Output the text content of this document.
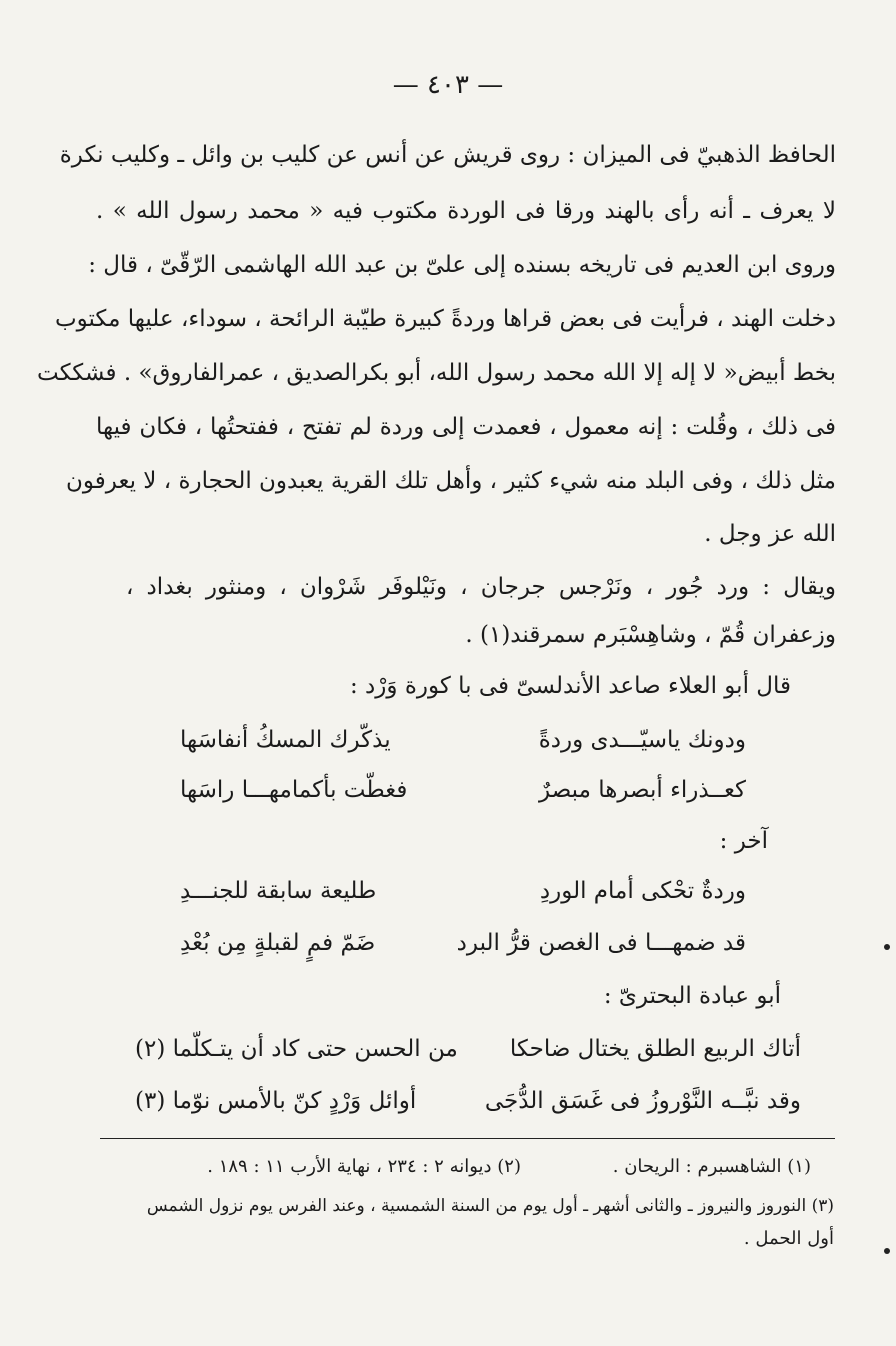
— ٤٠٣ —
الحافظ الذهبيّ فى الميزان : روى قريش عن أنس عن كليب بن وائل ـ وكليب نكرة
لا يعرف ـ أنه رأى بالهند ورقا فى الوردة مكتوب فيه « محمد رسول الله » .
وروى ابن العديم فى تاريخه بسنده إلى علىّ بن عبد الله الهاشمى الرّقّىّ ، قال :
دخلت الهند ، فرأيت فى بعض قراها وردةً كبيرة طيّبة الرائحة ، سوداء، عليها مكتوب
بخط أبيض« لا إله إلا الله محمد رسول الله، أبو بكرالصديق ، عمرالفاروق» . فشككت
فى ذلك ، وقُلت : إنه معمول ، فعمدت إلى وردة لم تفتح ، ففتحتُها ، فكان فيها
مثل ذلك ، وفى البلد منه شيء كثير ، وأهل تلك القرية يعبدون الحجارة ، لا يعرفون
الله عز وجل .
ويقال : ورد جُور ، ونَرْجس جرجان ، ونَيْلوفَر شَرْوان ، ومنثور بغداد ،
وزعفران قُمّ ، وشاهِسْبَرم سمرقند(١) .
قال أبو العلاء صاعد الأندلسىّ فى با كورة وَرْد :
ودونك ياسيّـــدى وردةً
يذكّرك المسكُ أنفاسَها
كعــذراء أبصرها مبصرٌ
فغطّت بأكمامهـــا راسَها
آخر :
وردةٌ تحْكى أمام الوردِ
طليعة سابقة للجنـــدِ
قد ضمهـــا فى الغصن قرُّ البرد
ضَمّ فمٍ لقبلةٍ مِن بُعْدِ
أبو عبادة البحترىّ :
أتاك الربيع الطلق يختال ضاحكا
من الحسن حتى كاد أن يتـكلّما (٢)
وقد نبَّــه النَّوْروزُ فى غَسَق الدُّجَى
أوائل وَرْدٍ كنّ بالأمس نوّما (٣)
(١) الشاهسبرم : الريحان .
(٢) ديوانه ٢ : ٢٣٤ ، نهاية الأرب ١١ : ١٨٩ .
(٣) النوروز والنيروز ـ والثانى أشهر ـ أول يوم من السنة الشمسية ، وعند الفرس يوم نزول الشمس
أول الحمل .
